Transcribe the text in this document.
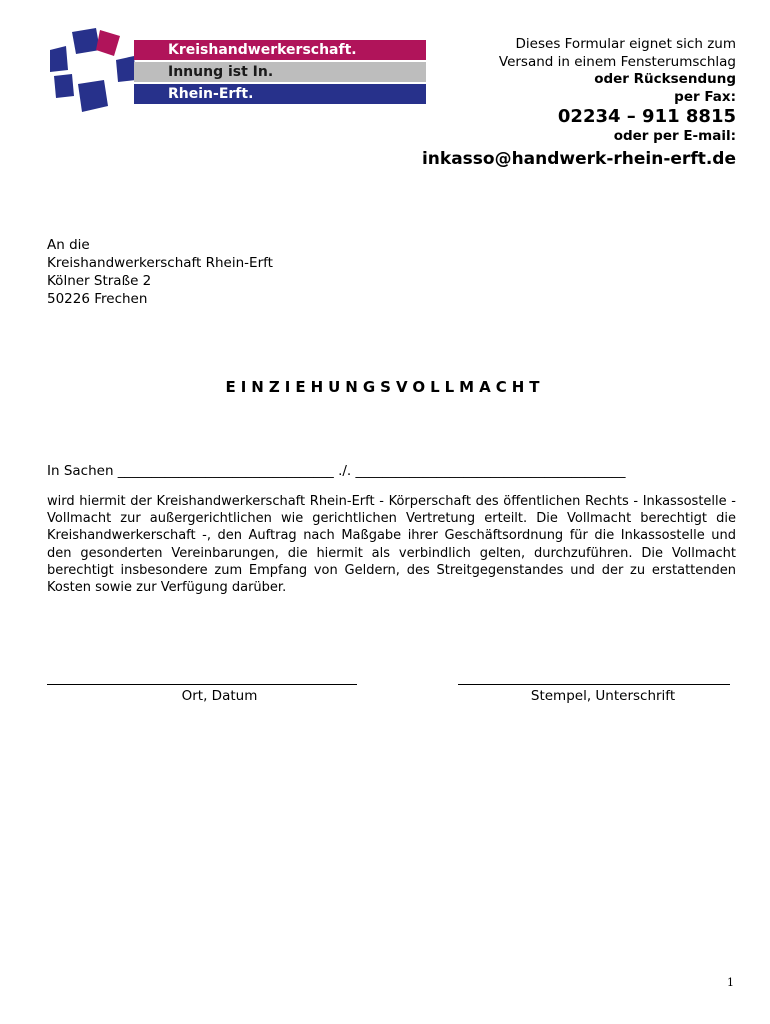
Kreishandwerkerschaft.
Innung ist In.
Rhein-Erft.
Dieses Formular eignet sich zum
Versand in einem Fensterumschlag
oder Rücksendung
per Fax:
02234 – 911 8815
oder per E-mail:
inkasso@handwerk-rhein-erft.de
An die
Kreishandwerkerschaft Rhein-Erft
Kölner Straße 2
50226 Frechen
EINZIEHUNGSVOLLMACHT
In Sachen ________________________________ ./. ________________________________________
wird hiermit der Kreishandwerkerschaft Rhein-Erft - Körperschaft des öffentlichen Rechts - Inkassostelle - Vollmacht zur außergerichtlichen wie gerichtlichen Vertretung erteilt. Die Vollmacht berechtigt die Kreishandwerkerschaft -, den Auftrag nach Maßgabe ihrer Geschäftsordnung für die Inkassostelle und den gesonderten Vereinbarungen, die hiermit als verbindlich gelten, durchzuführen. Die Vollmacht berechtigt insbesondere zum Empfang von Geldern, des Streitgegenstandes und der zu erstattenden Kosten sowie zur Verfügung darüber.
Ort, Datum	Stempel, Unterschrift
1
